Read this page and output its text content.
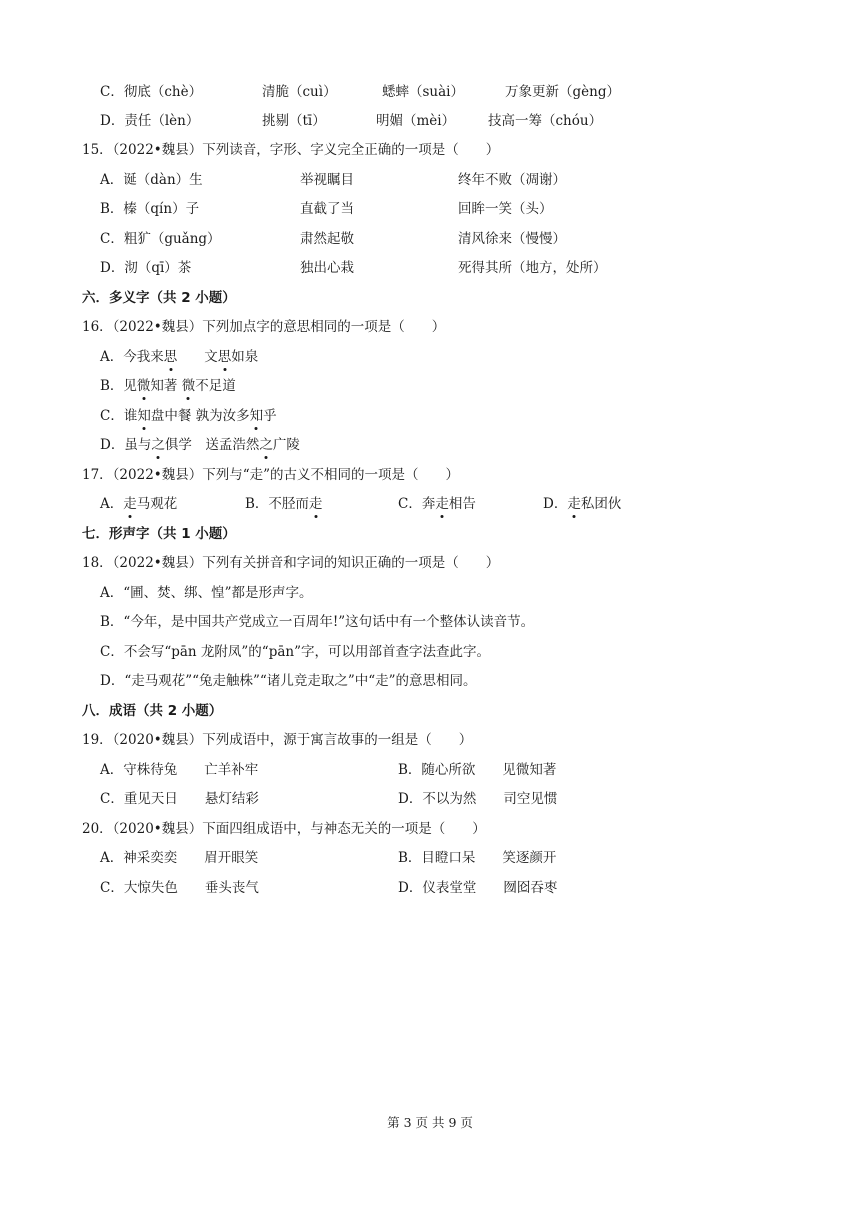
C．彻底（chè）	清脆（cuì）	蟋蟀（suài）	万象更新（gèng）
D．责任（lèn）	挑剔（tī）	明媚（mèi） 技高一筹（chóu）
15．（2022•魏县）下列读音，字形、字义完全正确的一项是（　　）
A．诞（dàn）生	举视瞩目	终年不败（凋谢）
B．榛（qín）子	直截了当	回眸一笑（头）
C．粗犷（guǎng）	肃然起敬	清风徐来（慢慢）
D．沏（qī）茶	独出心栽	死得其所（地方，处所）
六．多义字（共 2 小题）
16．（2022•魏县）下列加点字的意思相同的一项是（　　）
A．今我来思　　文思如泉
B．见微知著 微不足道
C．谁知盘中餐 孰为汝多知乎
D．虽与之俱学　送孟浩然之广陵
17．（2022•魏县）下列与“走”的古义不相同的一项是（　　）
A．走马观花	B．不胫而走	C．奔走相告	D．走私团伙
七．形声字（共 1 小题）
18．（2022•魏县）下列有关拼音和字词的知识正确的一项是（　　）
A．“圃、焚、绑、惶”都是形声字。
B．“今年，是中国共产党成立一百周年!”这句话中有一个整体认读音节。
C．不会写“pān 龙附凤”的“pān”字，可以用部首查字法查此字。
D．“走马观花”“兔走触株”“诸儿竞走取之”中“走”的意思相同。
八．成语（共 2 小题）
19．（2020•魏县）下列成语中，源于寓言故事的一组是（　　）
A．守株待兔　　亡羊补牢	B．随心所欲　　见微知著
C．重见天日　　悬灯结彩	D．不以为然　　司空见惯
20．（2020•魏县）下面四组成语中，与神态无关的一项是（　　）
A．神采奕奕　　眉开眼笑	B．目瞪口呆　　笑逐颜开
C．大惊失色　　垂头丧气	D．仪表堂堂　　囫囵吞枣
第 3 页 共 9 页
